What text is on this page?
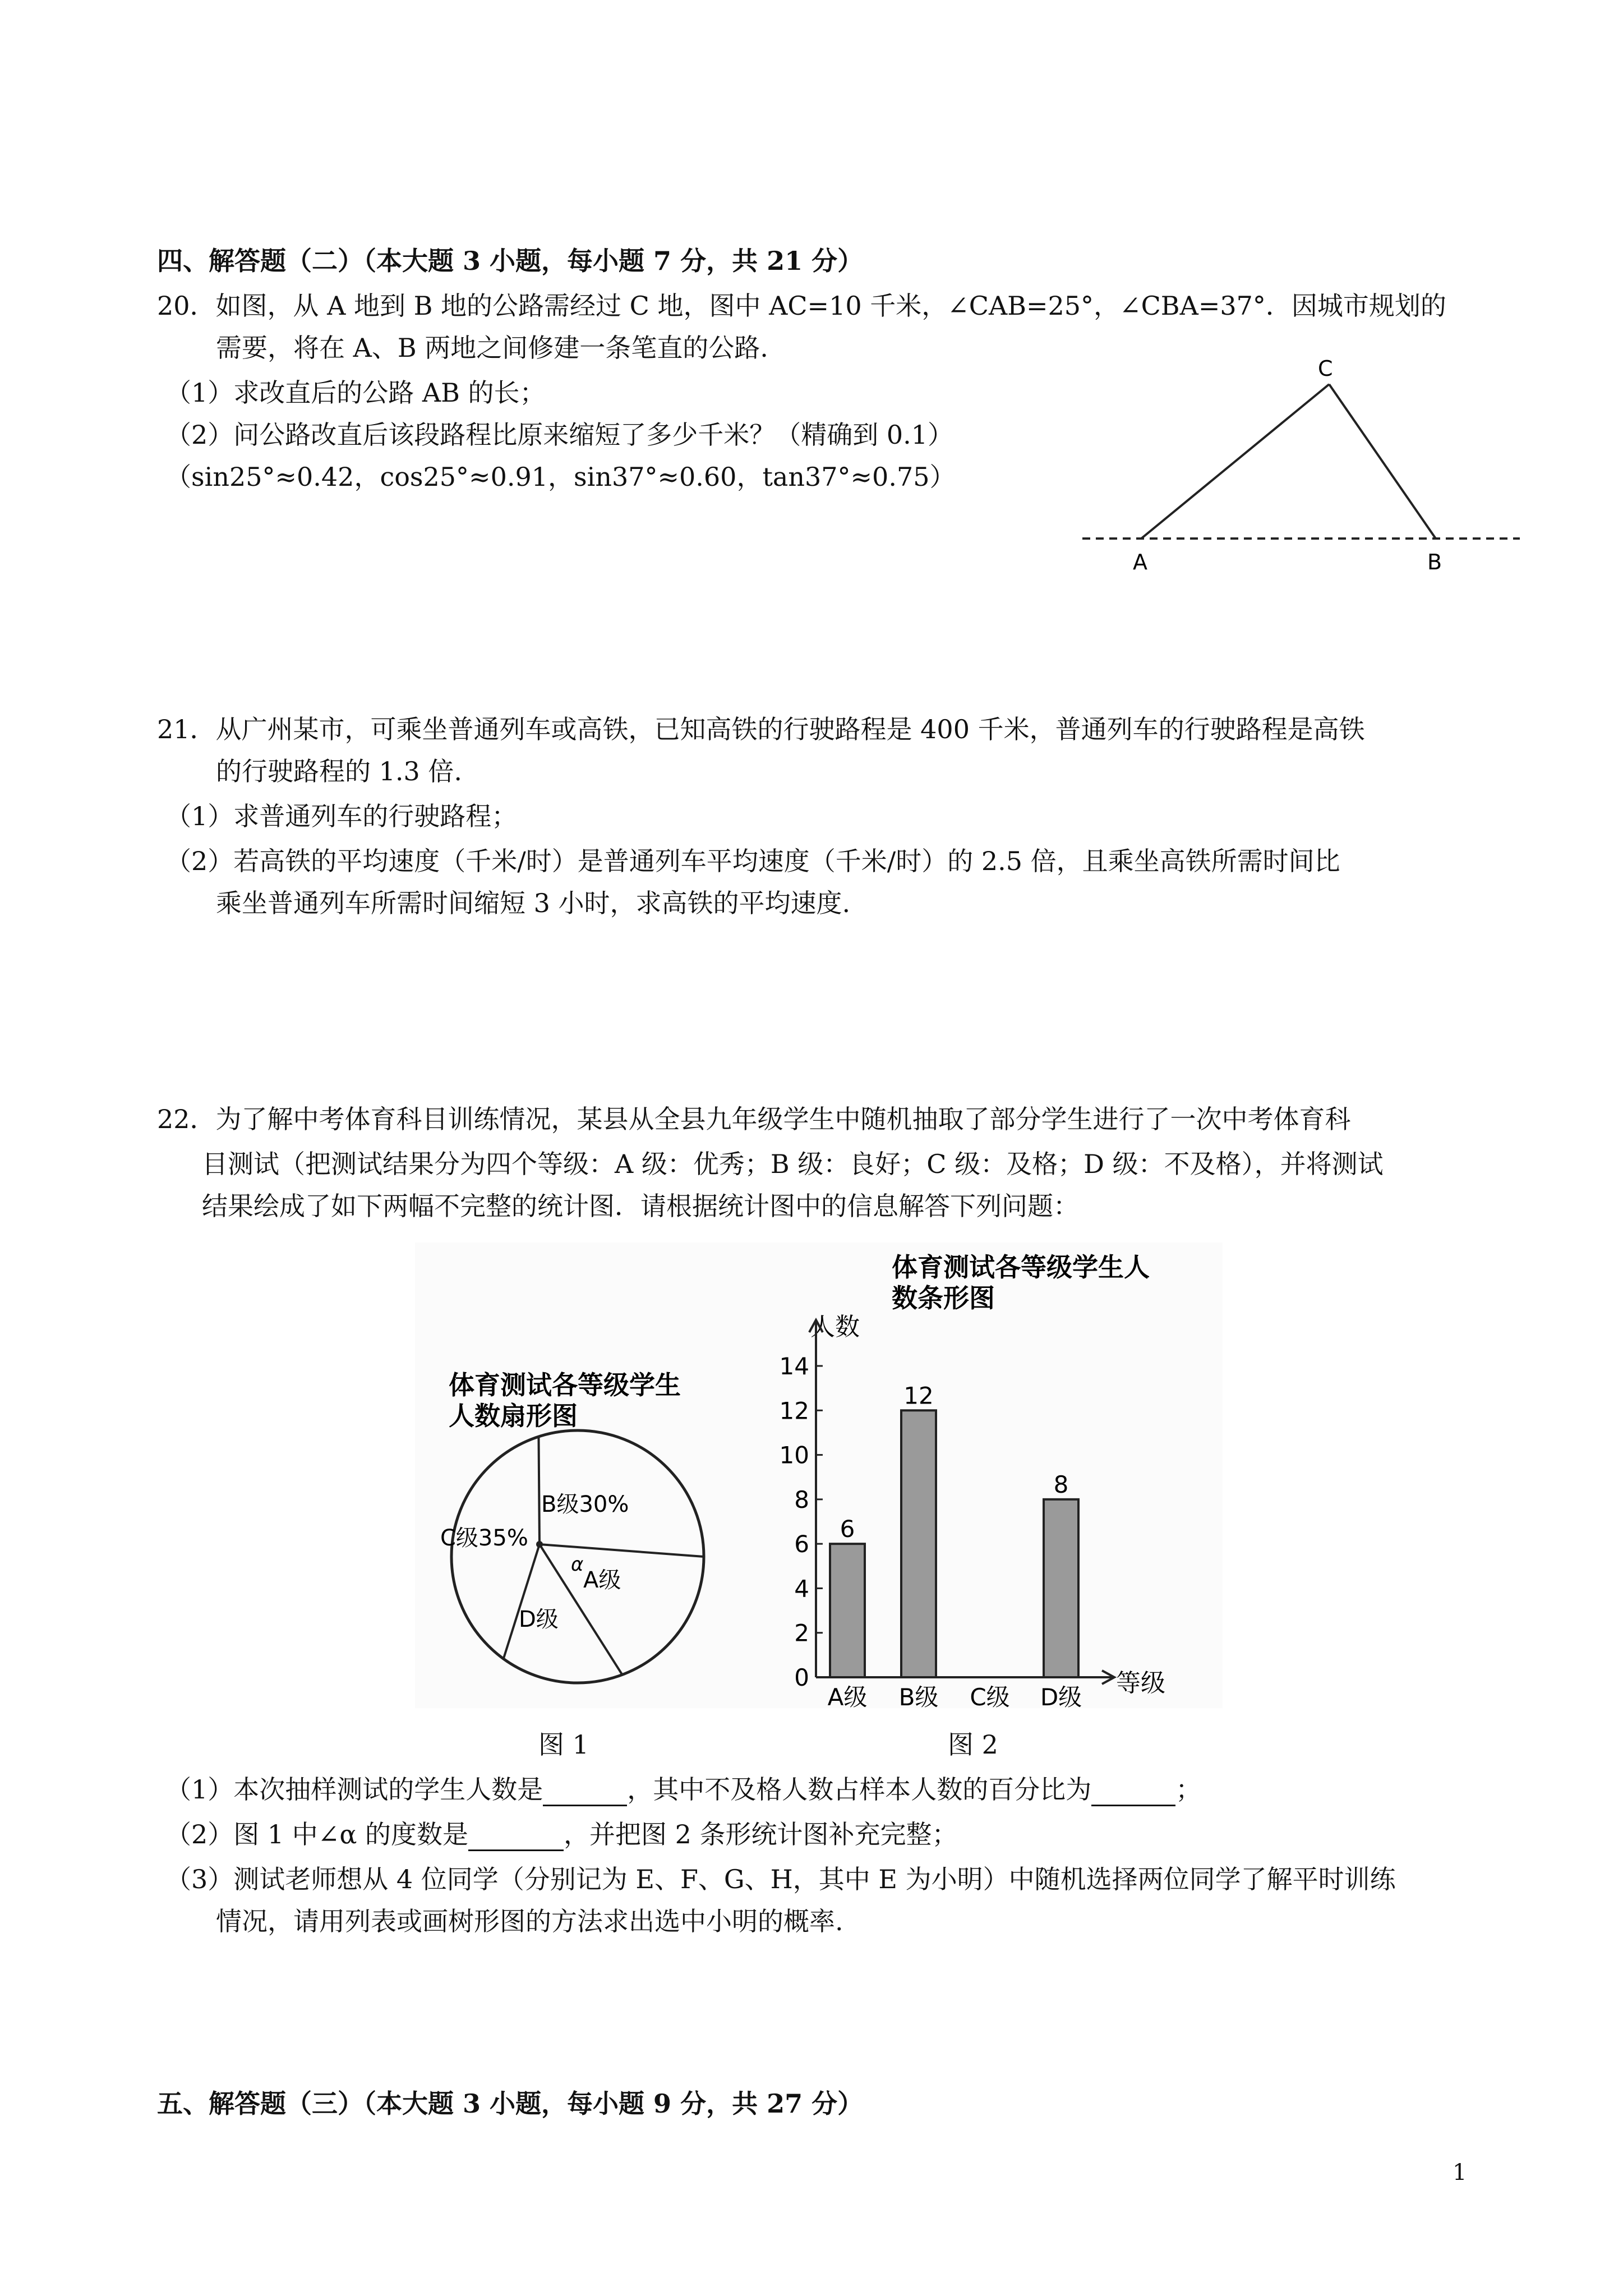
四、解答题（二）（本大题 3 小题，每小题 7 分，共 21 分）
20．如图，从 A 地到 B 地的公路需经过 C 地，图中 AC=10 千米，∠CAB=25°，∠CBA=37°．因城市规划的
需要，将在 A、B 两地之间修建一条笔直的公路.
（1）求改直后的公路 AB 的长；
（2）问公路改直后该段路程比原来缩短了多少千米？（精确到 0.1）
（sin25°≈0.42，cos25°≈0.91，sin37°≈0.60，tan37°≈0.75）
A	B
C
21．从广州某市，可乘坐普通列车或高铁，已知高铁的行驶路程是 400 千米，普通列车的行驶路程是高铁
的行驶路程的 1.3 倍.
（1）求普通列车的行驶路程；
（2）若高铁的平均速度（千米/时）是普通列车平均速度（千米/时）的 2.5 倍，且乘坐高铁所需时间比
乘坐普通列车所需时间缩短 3 小时，求高铁的平均速度.
22．为了解中考体育科目训练情况，某县从全县九年级学生中随机抽取了部分学生进行了一次中考体育科
目测试（把测试结果分为四个等级：A 级：优秀；B 级：良好；C 级：及格；D 级：不及格），并将测试
结果绘成了如下两幅不完整的统计图．请根据统计图中的信息解答下列问题：
体育测试各等级学生
人数扇形图
B级30%
C级35%
D级
A级
α
体育测试各等级学生人
数条形图
人数
等级
0
2
4
6
8
10
12
14
6
12
8
A级 B级 C级 D级
图 1	图 2
（1）本次抽样测试的学生人数是	，其中不及格人数占样本人数的百分比为	；
（2）图 1 中∠α 的度数是	，并把图 2 条形统计图补充完整；
（3）测试老师想从 4 位同学（分别记为 E、F、G、H，其中 E 为小明）中随机选择两位同学了解平时训练
情况，请用列表或画树形图的方法求出选中小明的概率.
五、解答题（三）（本大题 3 小题，每小题 9 分，共 27 分）
1
